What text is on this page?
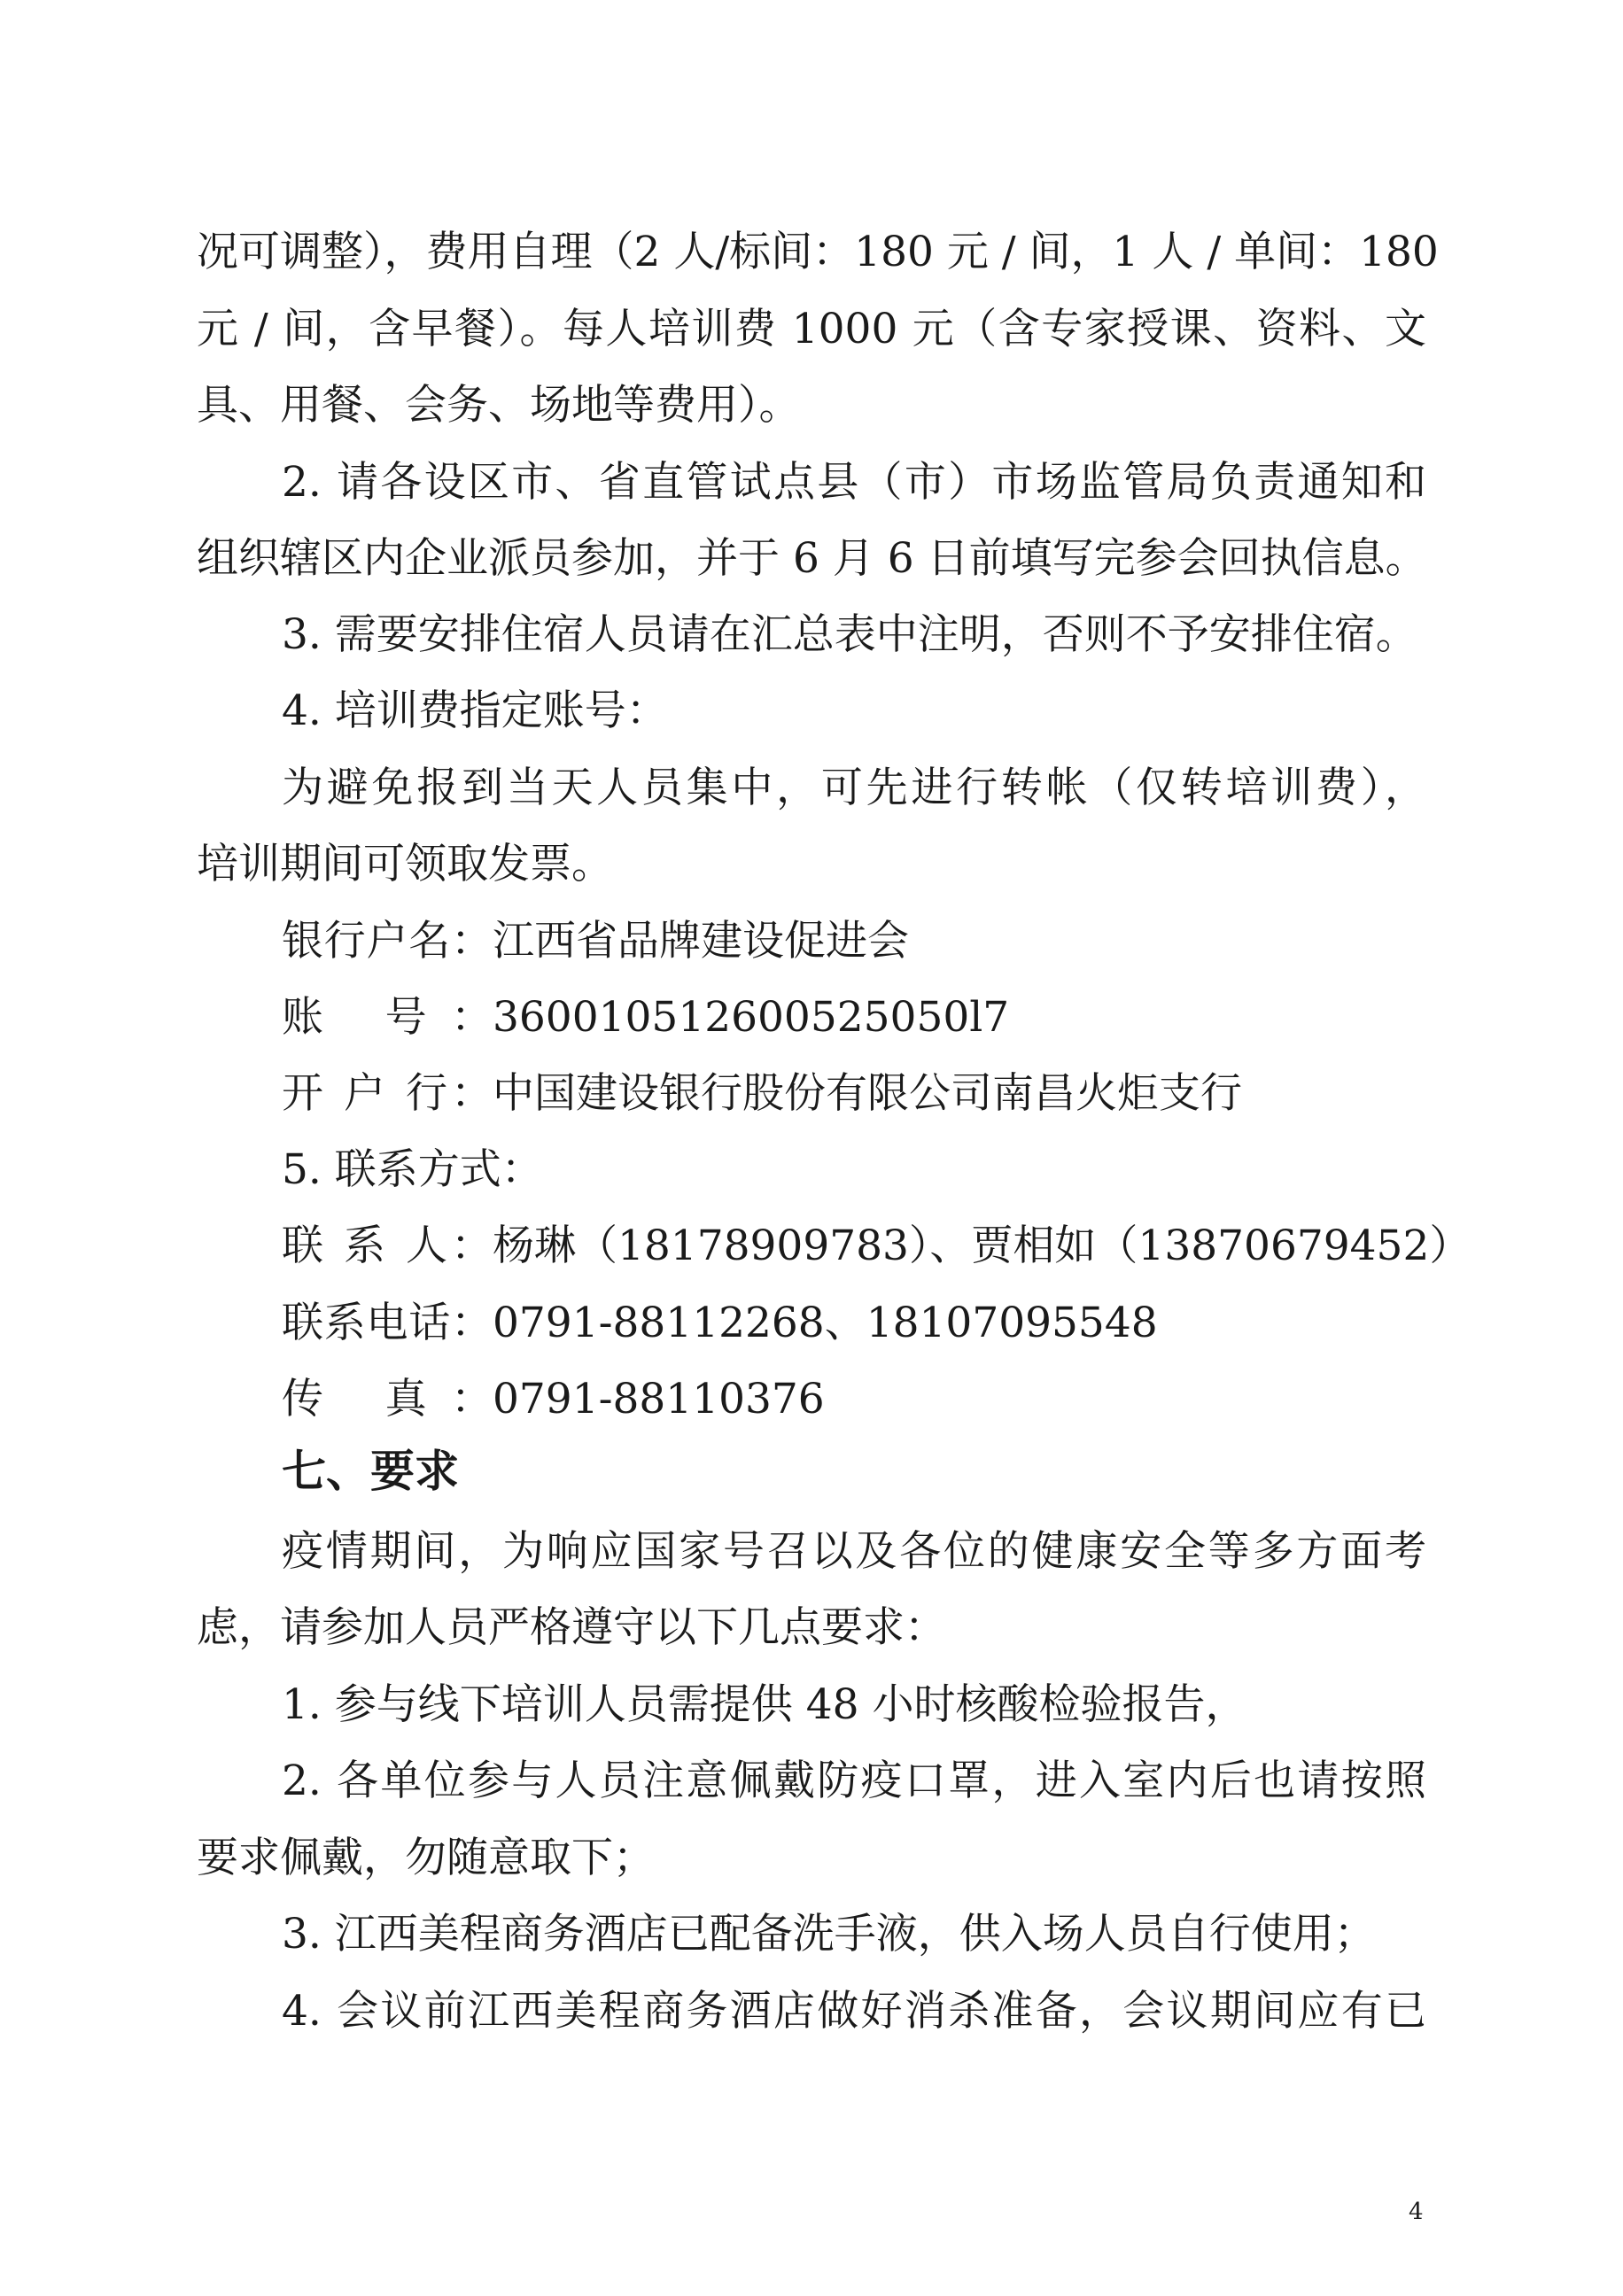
况可调整），费用自理（2 人/标间：180 元 / 间，1 人 / 单间：180
元 / 间，含早餐）。每人培训费 1000 元（含专家授课、资料、文
具、用餐、会务、场地等费用）。
2. 请各设区市、省直管试点县（市）市场监管局负责通知和
组织辖区内企业派员参加，并于 6 月 6 日前填写完参会回执信息。
3. 需要安排住宿人员请在汇总表中注明，否则不予安排住宿。
4. 培训费指定账号：
为避免报到当天人员集中，可先进行转帐（仅转培训费），
培训期间可领取发票。
银行户名：江西省品牌建设促进会
账 号：360010512600525050l7
开 户 行：中国建设银行股份有限公司南昌火炬支行
5. 联系方式：
联 系 人：杨琳（18178909783）、贾相如（13870679452）
联系电话：0791-88112268、18107095548
传 真：0791-88110376
七、要求
疫情期间，为响应国家号召以及各位的健康安全等多方面考
虑，请参加人员严格遵守以下几点要求：
1. 参与线下培训人员需提供 48 小时核酸检验报告，
2. 各单位参与人员注意佩戴防疫口罩，进入室内后也请按照
要求佩戴，勿随意取下；
3. 江西美程商务酒店已配备洗手液，供入场人员自行使用；
4. 会议前江西美程商务酒店做好消杀准备，会议期间应有已
4
